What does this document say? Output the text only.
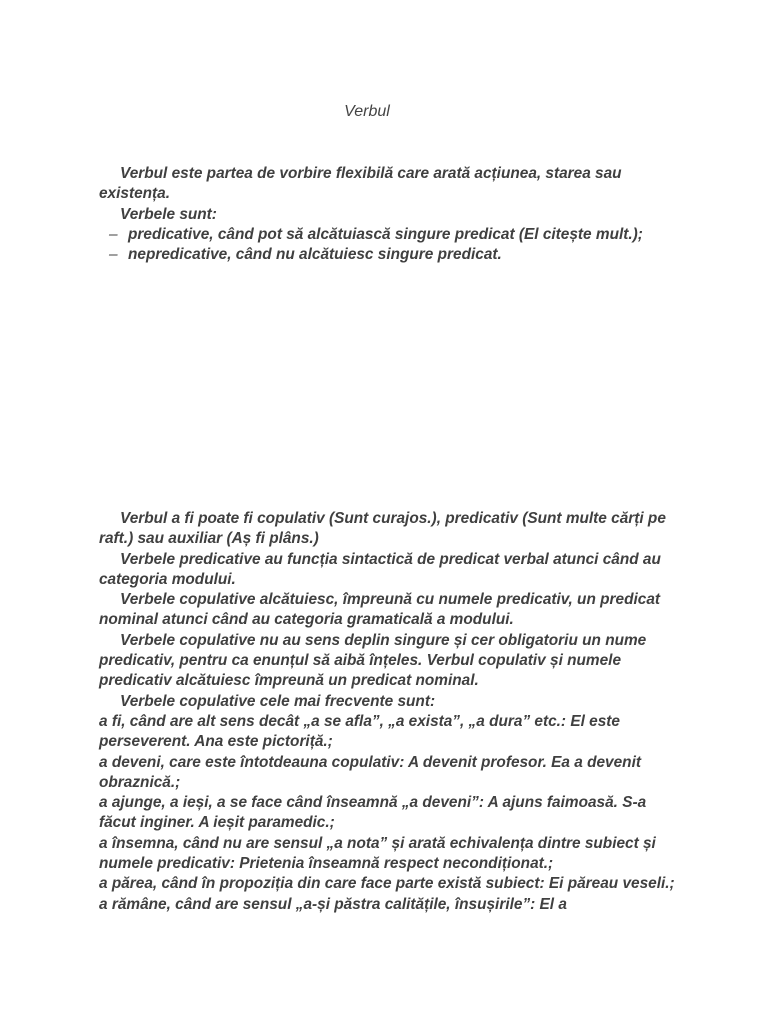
Verbul

Verbul este partea de vorbire flexibilă care arată acțiunea, starea sau existența.

Verbele sunt:

– predicative, când pot să alcătuiască singure predicat (El citește mult.);
– nepredicative, când nu alcătuiesc singure predicat.

Verbul a fi poate fi copulativ (Sunt curajos.), predicativ (Sunt multe cărți pe raft.) sau auxiliar (Aș fi plâns.)

Verbele predicative au funcția sintactică de predicat verbal atunci când au categoria modului.

Verbele copulative alcătuiesc, împreună cu numele predicativ, un predicat nominal atunci când au categoria gramaticală a modului.

Verbele copulative nu au sens deplin singure și cer obligatoriu un nume predicativ, pentru ca enunțul să aibă înțeles. Verbul copulativ și numele predicativ alcătuiesc împreună un predicat nominal.

Verbele copulative cele mai frecvente sunt:

a fi, când are alt sens decât „a se afla”, „a exista”, „a dura” etc.: El este perseverent. Ana este pictoriță.;

a deveni, care este întotdeauna copulativ: A devenit profesor. Ea a devenit obraznică.;

a ajunge, a ieși, a se face când înseamnă „a deveni”: A ajuns faimoasă. S-a făcut inginer. A ieșit paramedic.;

a însemna, când nu are sensul „a nota” și arată echivalența dintre subiect și numele predicativ: Prietenia înseamnă respect necondiționat.;

a părea, când în propoziția din care face parte există subiect: Ei păreau veseli.;

a rămâne, când are sensul „a-și păstra calitățile, însușirile”: El a
